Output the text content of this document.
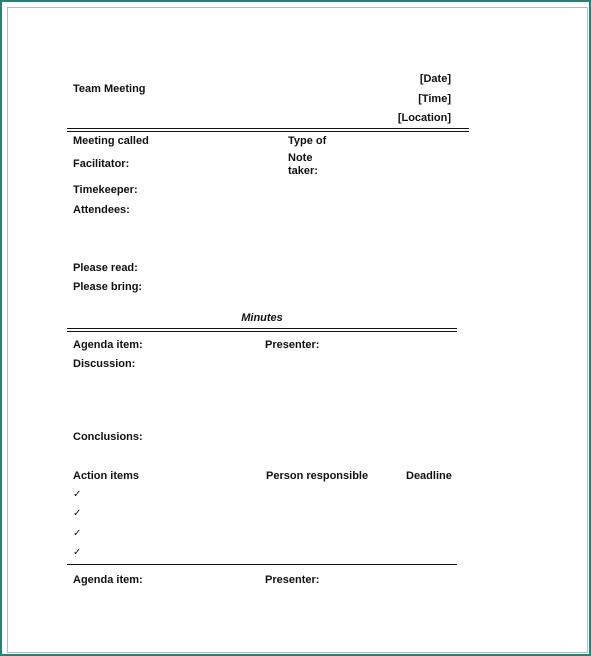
Team Meeting
[Date]
[Time]
[Location]
Meeting called	Type of
Facilitator:	Note
taker:
Timekeeper:
Attendees:
Please read:
Please bring:
Minutes
Agenda item:	Presenter:
Discussion:
Conclusions:
Action items	Person responsible	Deadline
✓
✓
✓
✓
Agenda item:	Presenter:
